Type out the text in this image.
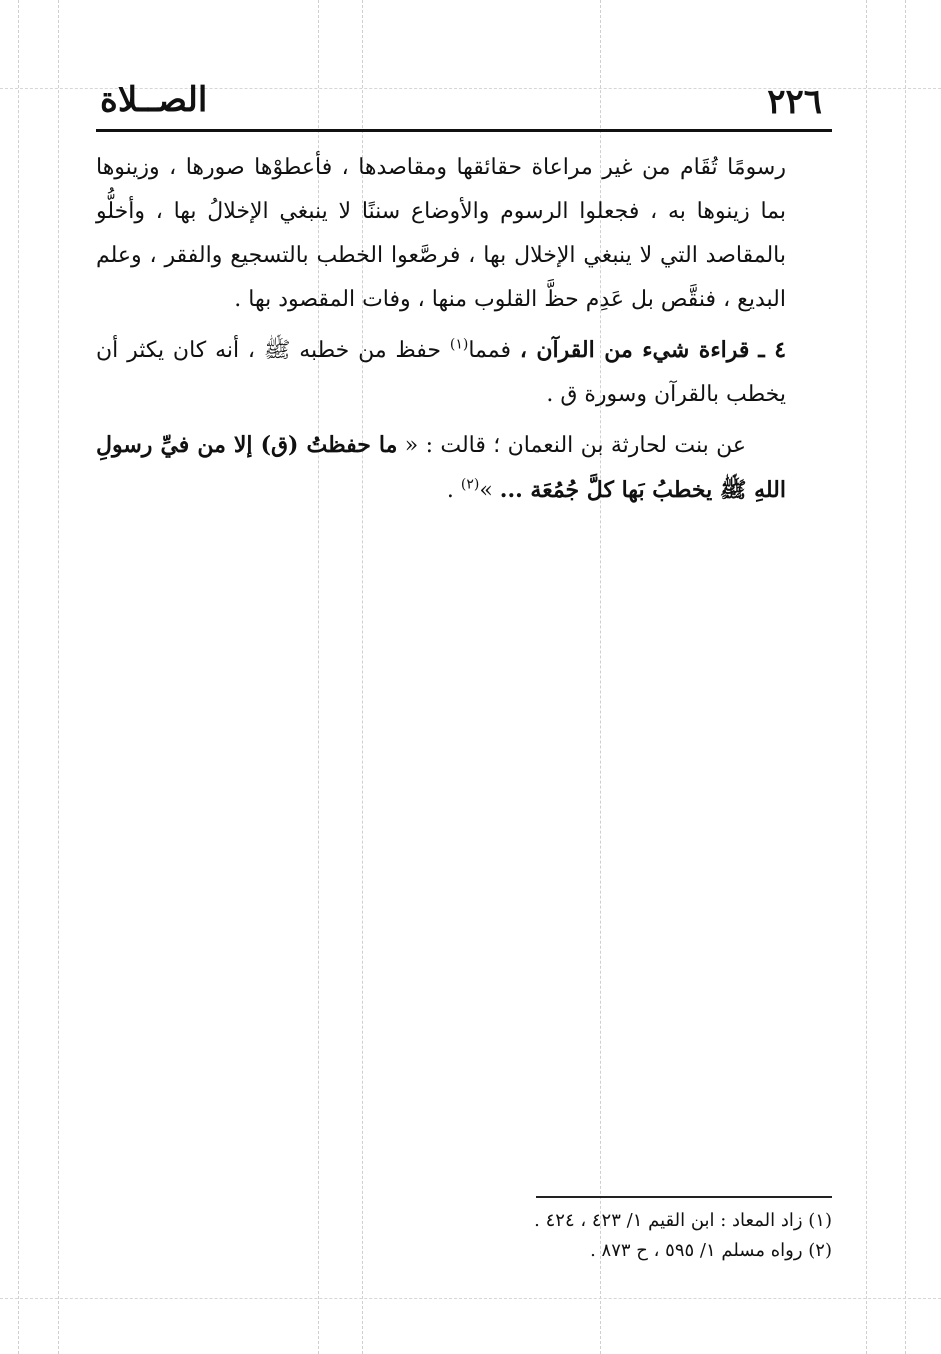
٢٢٦
الصــلاة

رسومًا تُقَام من غير مراعاة حقائقها ومقاصدها ، فأعطوْها صورها ، وزينوها بما زينوها به ، فجعلوا الرسوم والأوضاع سننًا لا ينبغي الإخلالُ بها ، وأخلُّو بالمقاصد التي لا ينبغي الإخلال بها ، فرصَّعوا الخطب بالتسجيع والفقر ، وعلم البديع ، فنقَّص بل عَدِم حظَّ القلوب منها ، وفات المقصود بها .

٤ ـ قراءة شيء من القرآن ، فمما$^{(١)}$ حفظ من خطبه ﷺ ، أنه كان يكثر أن يخطب بالقرآن وسورة ق .

عن بنت لحارثة بن النعمان ؛ قالت : « ما حفظتُ (ق) إلا من فيِّ رسولِ اللهِ ﷺ يخطبُ بَها كلَّ جُمُعَة ... »$^{(٢)}$ .

(١) زاد المعاد : ابن القيم ١/ ٤٢٣ ، ٤٢٤ .

(٢) رواه مسلم ١/ ٥٩٥ ، ح ٨٧٣ .
